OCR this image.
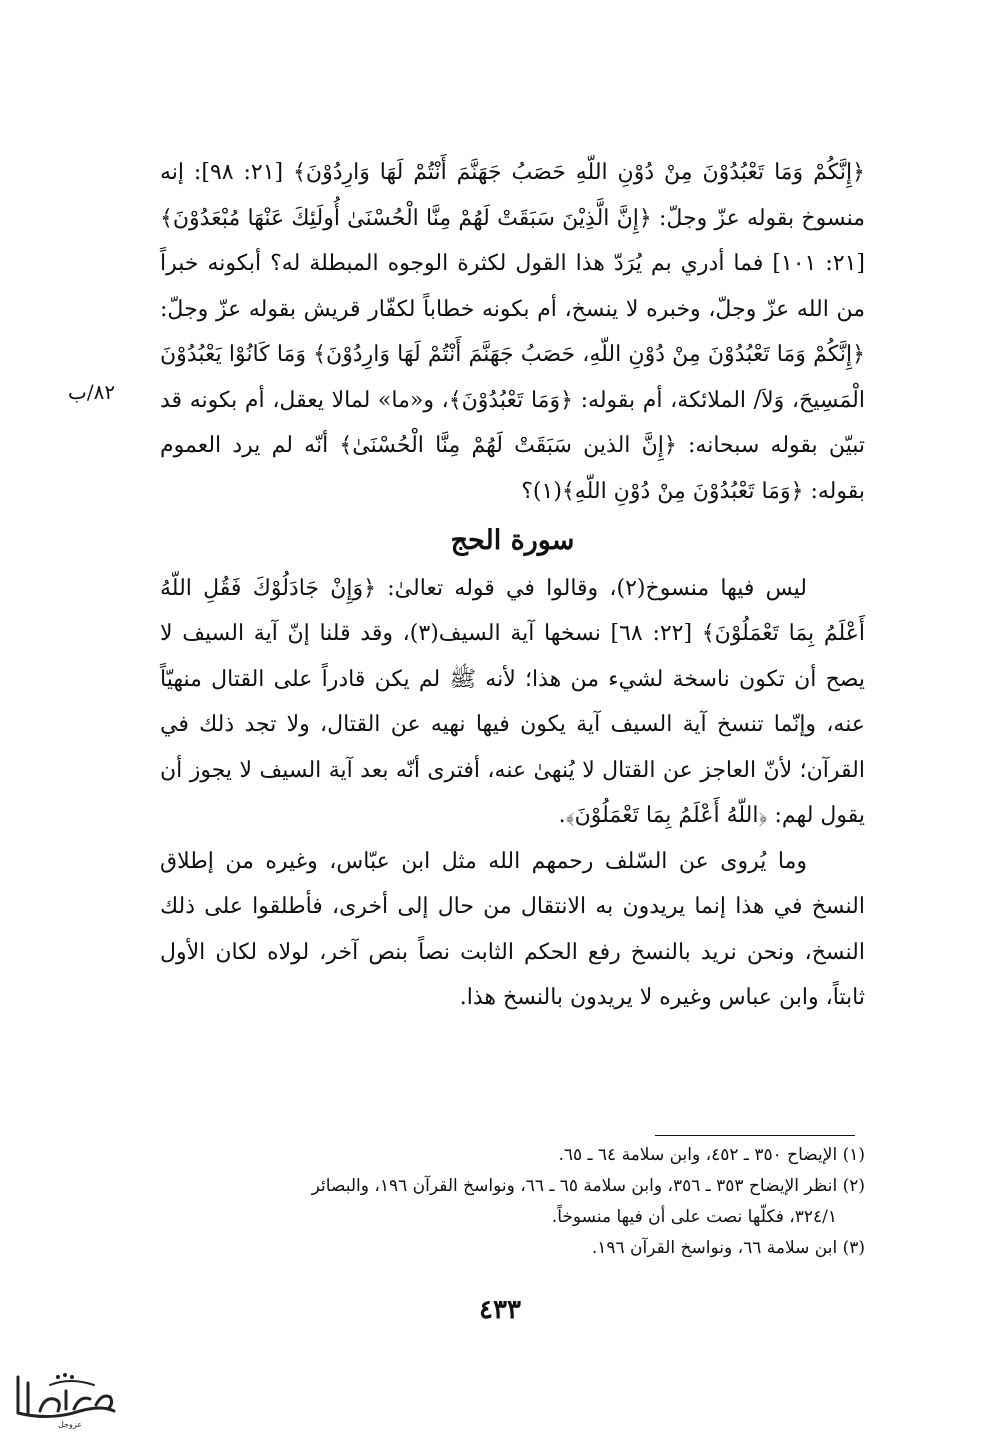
٨٢/ب

﴿إِنَّكُمْ وَمَا تَعْبُدُوْنَ مِنْ دُوْنِ اللّهِ حَصَبُ جَهَنَّمَ أَنْتُمْ لَهَا وَارِدُوْنَ﴾ [٢١: ٩٨]: إنه منسوخ بقوله عزّ وجلّ: ﴿إِنَّ الَّذِيْنَ سَبَقَتْ لَهُمْ مِنَّا الْحُسْنَىٰ أُولَئِكَ عَنْهَا مُبْعَدُوْنَ﴾ [٢١: ١٠١] فما أدري بم يُرَدّ هذا القول لكثرة الوجوه المبطلة له؟ أبكونه خبراً من الله عزّ وجلّ، وخبره لا ينسخ، أم بكونه خطاباً لكفّار قريش بقوله عزّ وجلّ: ﴿إِنَّكُمْ وَمَا تَعْبُدُوْنَ مِنْ دُوْنِ اللّهِ، حَصَبُ جَهَنَّمَ أَنْتُمْ لَهَا وَارِدُوْنَ﴾ وَمَا كَانُوْا يَعْبُدُوْنَ الْمَسِيحَ، وَلاَ/ الملائكة، أم بقوله: ﴿وَمَا تَعْبُدُوْنَ﴾، و«ما» لمالا يعقل، أم بكونه قد تبيّن بقوله سبحانه: ﴿إِنَّ الذين سَبَقَتْ لَهُمْ مِنَّا الْحُسْنَىٰ﴾ أنّه لم يرد العموم بقوله: ﴿وَمَا تَعْبُدُوْنَ مِنْ دُوْنِ اللّهِ﴾(١)؟

سورة الحج

ليس فيها منسوخ(٢)، وقالوا في قوله تعالىٰ: ﴿وَإِنْ جَادَلُوْكَ فَقُلِ اللّهُ أَعْلَمُ بِمَا تَعْمَلُوْنَ﴾ [٢٢: ٦٨] نسخها آية السيف(٣)، وقد قلنا إنّ آية السيف لا يصح أن تكون ناسخة لشيء من هذا؛ لأنه ﷺ لم يكن قادراً على القتال منهيّاً عنه، وإنّما تنسخ آية السيف آية يكون فيها نهيه عن القتال، ولا تجد ذلك في القرآن؛ لأنّ العاجز عن القتال لا يُنهىٰ عنه، أفترى أنّه بعد آية السيف لا يجوز أن يقول لهم: ﴿اللّهُ أَعْلَمُ بِمَا تَعْمَلُوْنَ﴾.

وما يُروى عن السّلف رحمهم الله مثل ابن عبّاس، وغيره من إطلاق النسخ في هذا إنما يريدون به الانتقال من حال إلى أخرى، فأطلقوا على ذلك النسخ، ونحن نريد بالنسخ رفع الحكم الثابت نصاً بنص آخر، لولاه لكان الأول ثابتاً، وابن عباس وغيره لا يريدون بالنسخ هذا.

(١) الإيضاح ٣٥٠ ـ ٤٥٢، وابن سلامة ٦٤ ـ ٦٥.

(٢) انظر الإيضاح ٣٥٣ ـ ٣٥٦، وابن سلامة ٦٥ ـ ٦٦، ونواسخ القرآن ١٩٦، والبصائر

٣٢٤/١، فكلّها نصت على أن فيها منسوخاً.

(٣) ابن سلامة ٦٦، ونواسخ القرآن ١٩٦.

٤٣٣
عزوجل
